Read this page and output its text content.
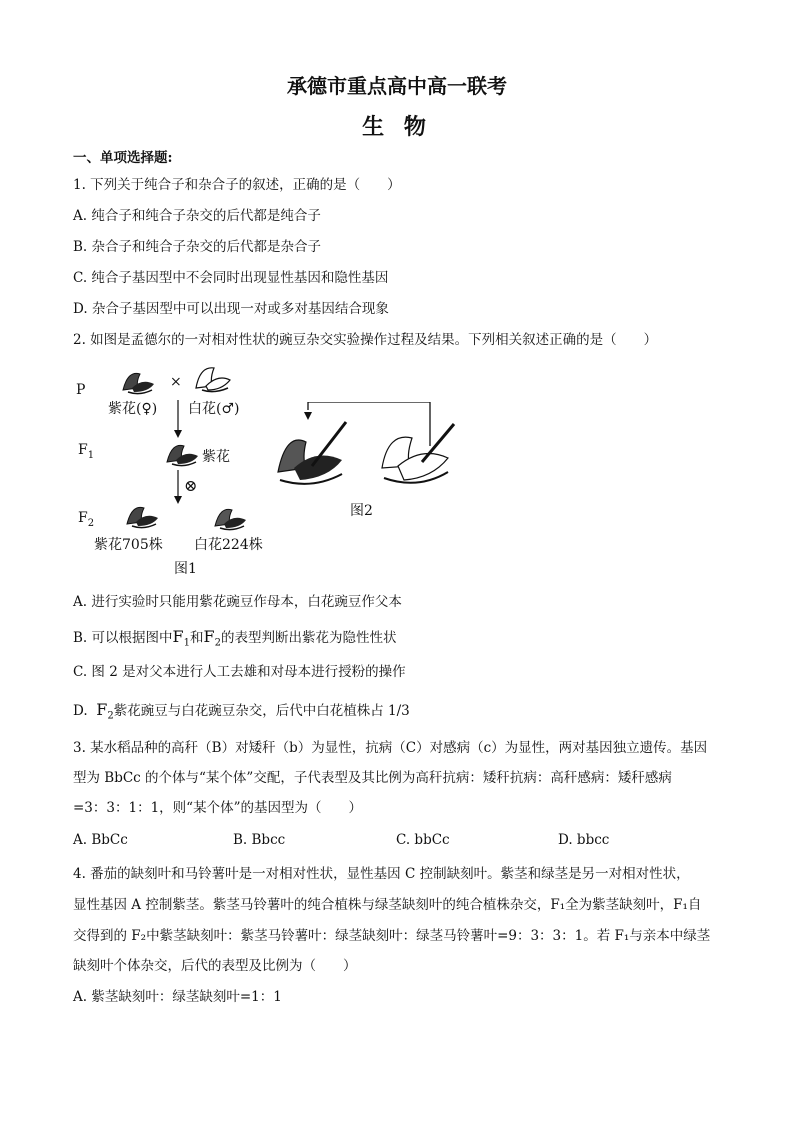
承德市重点高中高一联考
生 物
一、单项选择题:
1. 下列关于纯合子和杂合子的叙述，正确的是（　　）
A. 纯合子和纯合子杂交的后代都是纯合子
B. 杂合子和纯合子杂交的后代都是杂合子
C. 纯合子基因型中不会同时出现显性基因和隐性基因
D. 杂合子基因型中可以出现一对或多对基因结合现象
2. 如图是孟德尔的一对相对性状的豌豆杂交实验操作过程及结果。下列相关叙述正确的是（　　）
P	×
紫花(♀) 白花(♂)
$F_1$	紫花
⊗
$F_2$
紫花705株 白花224株
图1
图2
A. 进行实验时只能用紫花豌豆作母本，白花豌豆作父本
B. 可以根据图中$F_1$和$F_2$的表型判断出紫花为隐性性状
C. 图 2 是对父本进行人工去雄和对母本进行授粉的操作
D. $F_2$紫花豌豆与白花豌豆杂交，后代中白花植株占 1/3
3. 某水稻品种的高秆（B）对矮秆（b）为显性，抗病（C）对感病（c）为显性，两对基因独立遗传。基因
型为 BbCc 的个体与“某个体”交配，子代表型及其比例为高秆抗病：矮秆抗病：高秆感病：矮秆感病
=3：3：1：1，则“某个体”的基因型为（　　）
A. BbCc	B. Bbcc	C. bbCc	D. bbcc
4. 番茄的缺刻叶和马铃薯叶是一对相对性状，显性基因 C 控制缺刻叶。紫茎和绿茎是另一对相对性状，
显性基因 A 控制紫茎。紫茎马铃薯叶的纯合植株与绿茎缺刻叶的纯合植株杂交，F₁全为紫茎缺刻叶，F₁自
交得到的 F₂中紫茎缺刻叶：紫茎马铃薯叶：绿茎缺刻叶：绿茎马铃薯叶=9：3：3：1。若 F₁与亲本中绿茎
缺刻叶个体杂交，后代的表型及比例为（　　）
A. 紫茎缺刻叶：绿茎缺刻叶=1：1
